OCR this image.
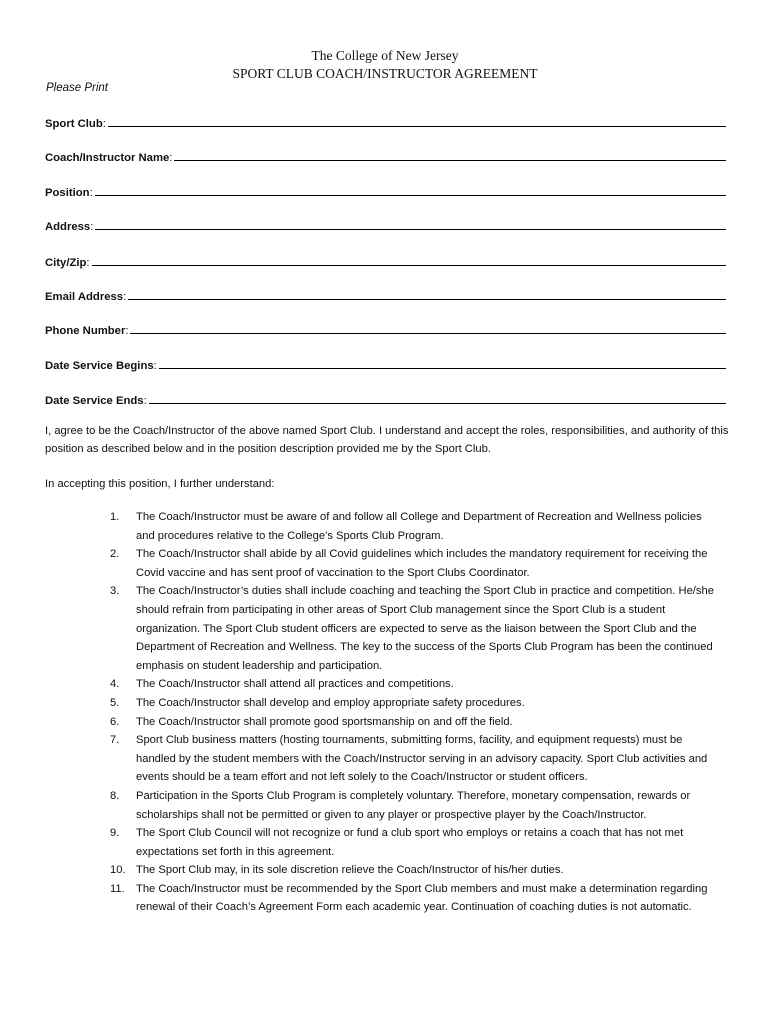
The College of New Jersey
SPORT CLUB COACH/INSTRUCTOR AGREEMENT
Please Print
Sport Club :
Coach/Instructor Name :
Position :
Address :
City/Zip :
Email Address :
Phone Number :
Date Service Begins :
Date Service Ends :
I, agree to be the Coach/Instructor of the above named Sport Club. I understand and accept the roles, responsibilities, and authority of this position as described below and in the position description provided me by the Sport Club.
In accepting this position, I further understand:
1.	The Coach/Instructor must be aware of and follow all College and Department of Recreation and Wellness policies and procedures relative to the College’s Sports Club Program.
2.	The Coach/Instructor shall abide by all Covid guidelines which includes the mandatory requirement for receiving the Covid vaccine and has sent proof of vaccination to the Sport Clubs Coordinator.
3.	The Coach/Instructor’s duties shall include coaching and teaching the Sport Club in practice and competition. He/she should refrain from participating in other areas of Sport Club management since the Sport Club is a student organization. The Sport Club student officers are expected to serve as the liaison between the Sport Club and the Department of Recreation and Wellness. The key to the success of the Sports Club Program has been the continued emphasis on student leadership and participation.
4.	The Coach/Instructor shall attend all practices and competitions.
5.	The Coach/Instructor shall develop and employ appropriate safety procedures.
6.	The Coach/Instructor shall promote good sportsmanship on and off the field.
7.	Sport Club business matters (hosting tournaments, submitting forms, facility, and equipment requests) must be handled by the student members with the Coach/Instructor serving in an advisory capacity. Sport Club activities and events should be a team effort and not left solely to the Coach/Instructor or student officers.
8.	Participation in the Sports Club Program is completely voluntary. Therefore, monetary compensation, rewards or scholarships shall not be permitted or given to any player or prospective player by the Coach/Instructor.
9.	The Sport Club Council will not recognize or fund a club sport who employs or retains a coach that has not met expectations set forth in this agreement.
10. The Sport Club may, in its sole discretion relieve the Coach/Instructor of his/her duties.
11.	The Coach/Instructor must be recommended by the Sport Club members and must make a determination regarding renewal of their Coach’s Agreement Form each academic year. Continuation of coaching duties is not automatic.
